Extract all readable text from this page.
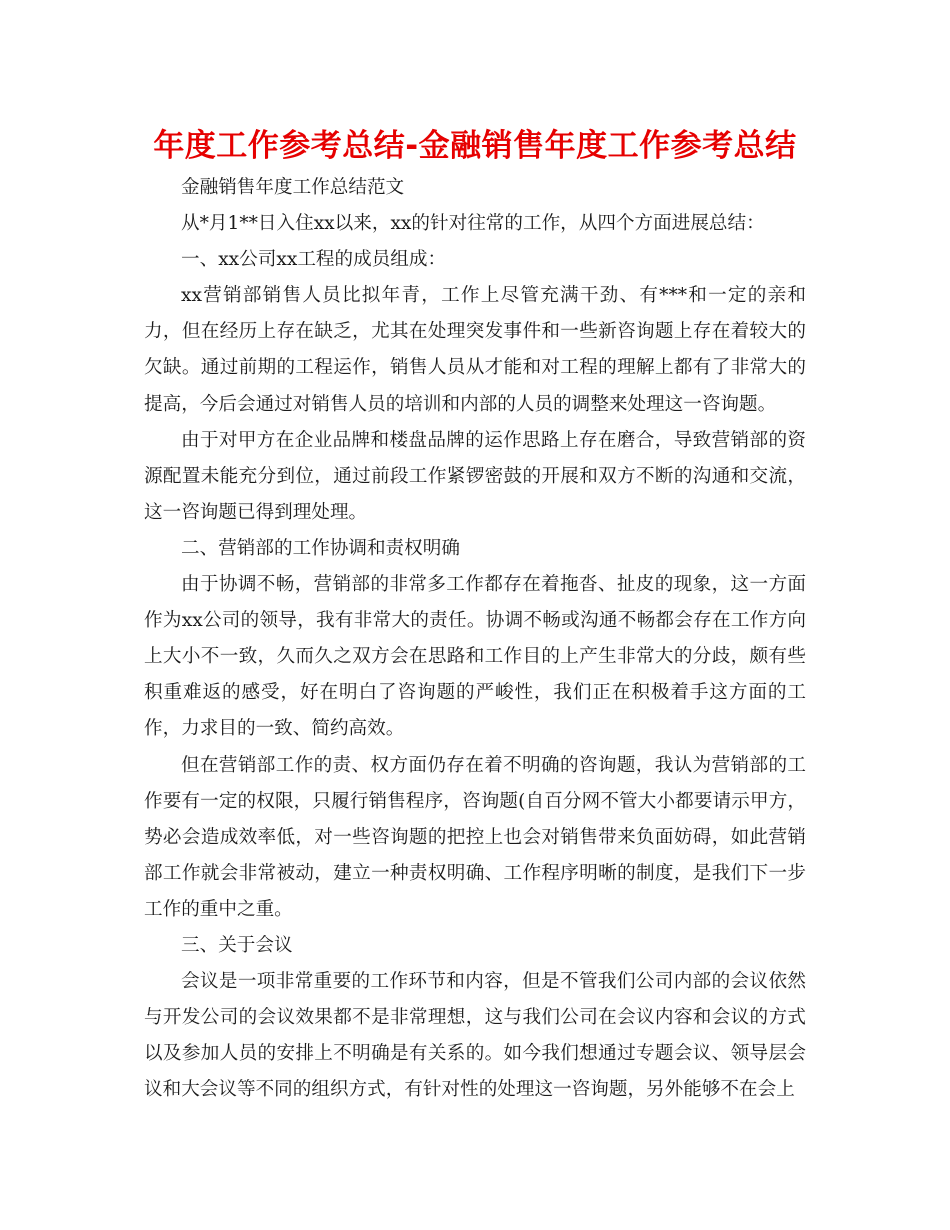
年度工作参考总结-金融销售年度工作参考总结

金融销售年度工作总结范文

从*月1**日入住xx以来，xx的针对往常的工作，从四个方面进展总结：

一、xx公司xx工程的成员组成：

xx营销部销售人员比拟年青，工作上尽管充满干劲、有***和一定的亲和力，但在经历上存在缺乏，尤其在处理突发事件和一些新咨询题上存在着较大的欠缺。通过前期的工程运作，销售人员从才能和对工程的理解上都有了非常大的提高，今后会通过对销售人员的培训和内部的人员的调整来处理这一咨询题。

由于对甲方在企业品牌和楼盘品牌的运作思路上存在磨合，导致营销部的资源配置未能充分到位，通过前段工作紧锣密鼓的开展和双方不断的沟通和交流，这一咨询题已得到理处理。

二、营销部的工作协调和责权明确

由于协调不畅，营销部的非常多工作都存在着拖沓、扯皮的现象，这一方面作为xx公司的领导，我有非常大的责任。协调不畅或沟通不畅都会存在工作方向上大小不一致，久而久之双方会在思路和工作目的上产生非常大的分歧，颇有些积重难返的感受，好在明白了咨询题的严峻性，我们正在积极着手这方面的工作，力求目的一致、简约高效。

但在营销部工作的责、权方面仍存在着不明确的咨询题，我认为营销部的工作要有一定的权限，只履行销售程序，咨询题(自百分网不管大小都要请示甲方，势必会造成效率低，对一些咨询题的把控上也会对销售带来负面妨碍，如此营销部工作就会非常被动，建立一种责权明确、工作程序明晰的制度，是我们下一步工作的重中之重。

三、关于会议

会议是一项非常重要的工作环节和内容，但是不管我们公司内部的会议依然与开发公司的会议效果都不是非常理想，这与我们公司在会议内容和会议的方式以及参加人员的安排上不明确是有关系的。如今我们想通过专题会议、领导层会议和大会议等不同的组织方式，有针对性的处理这一咨询题，另外能够不在会上
